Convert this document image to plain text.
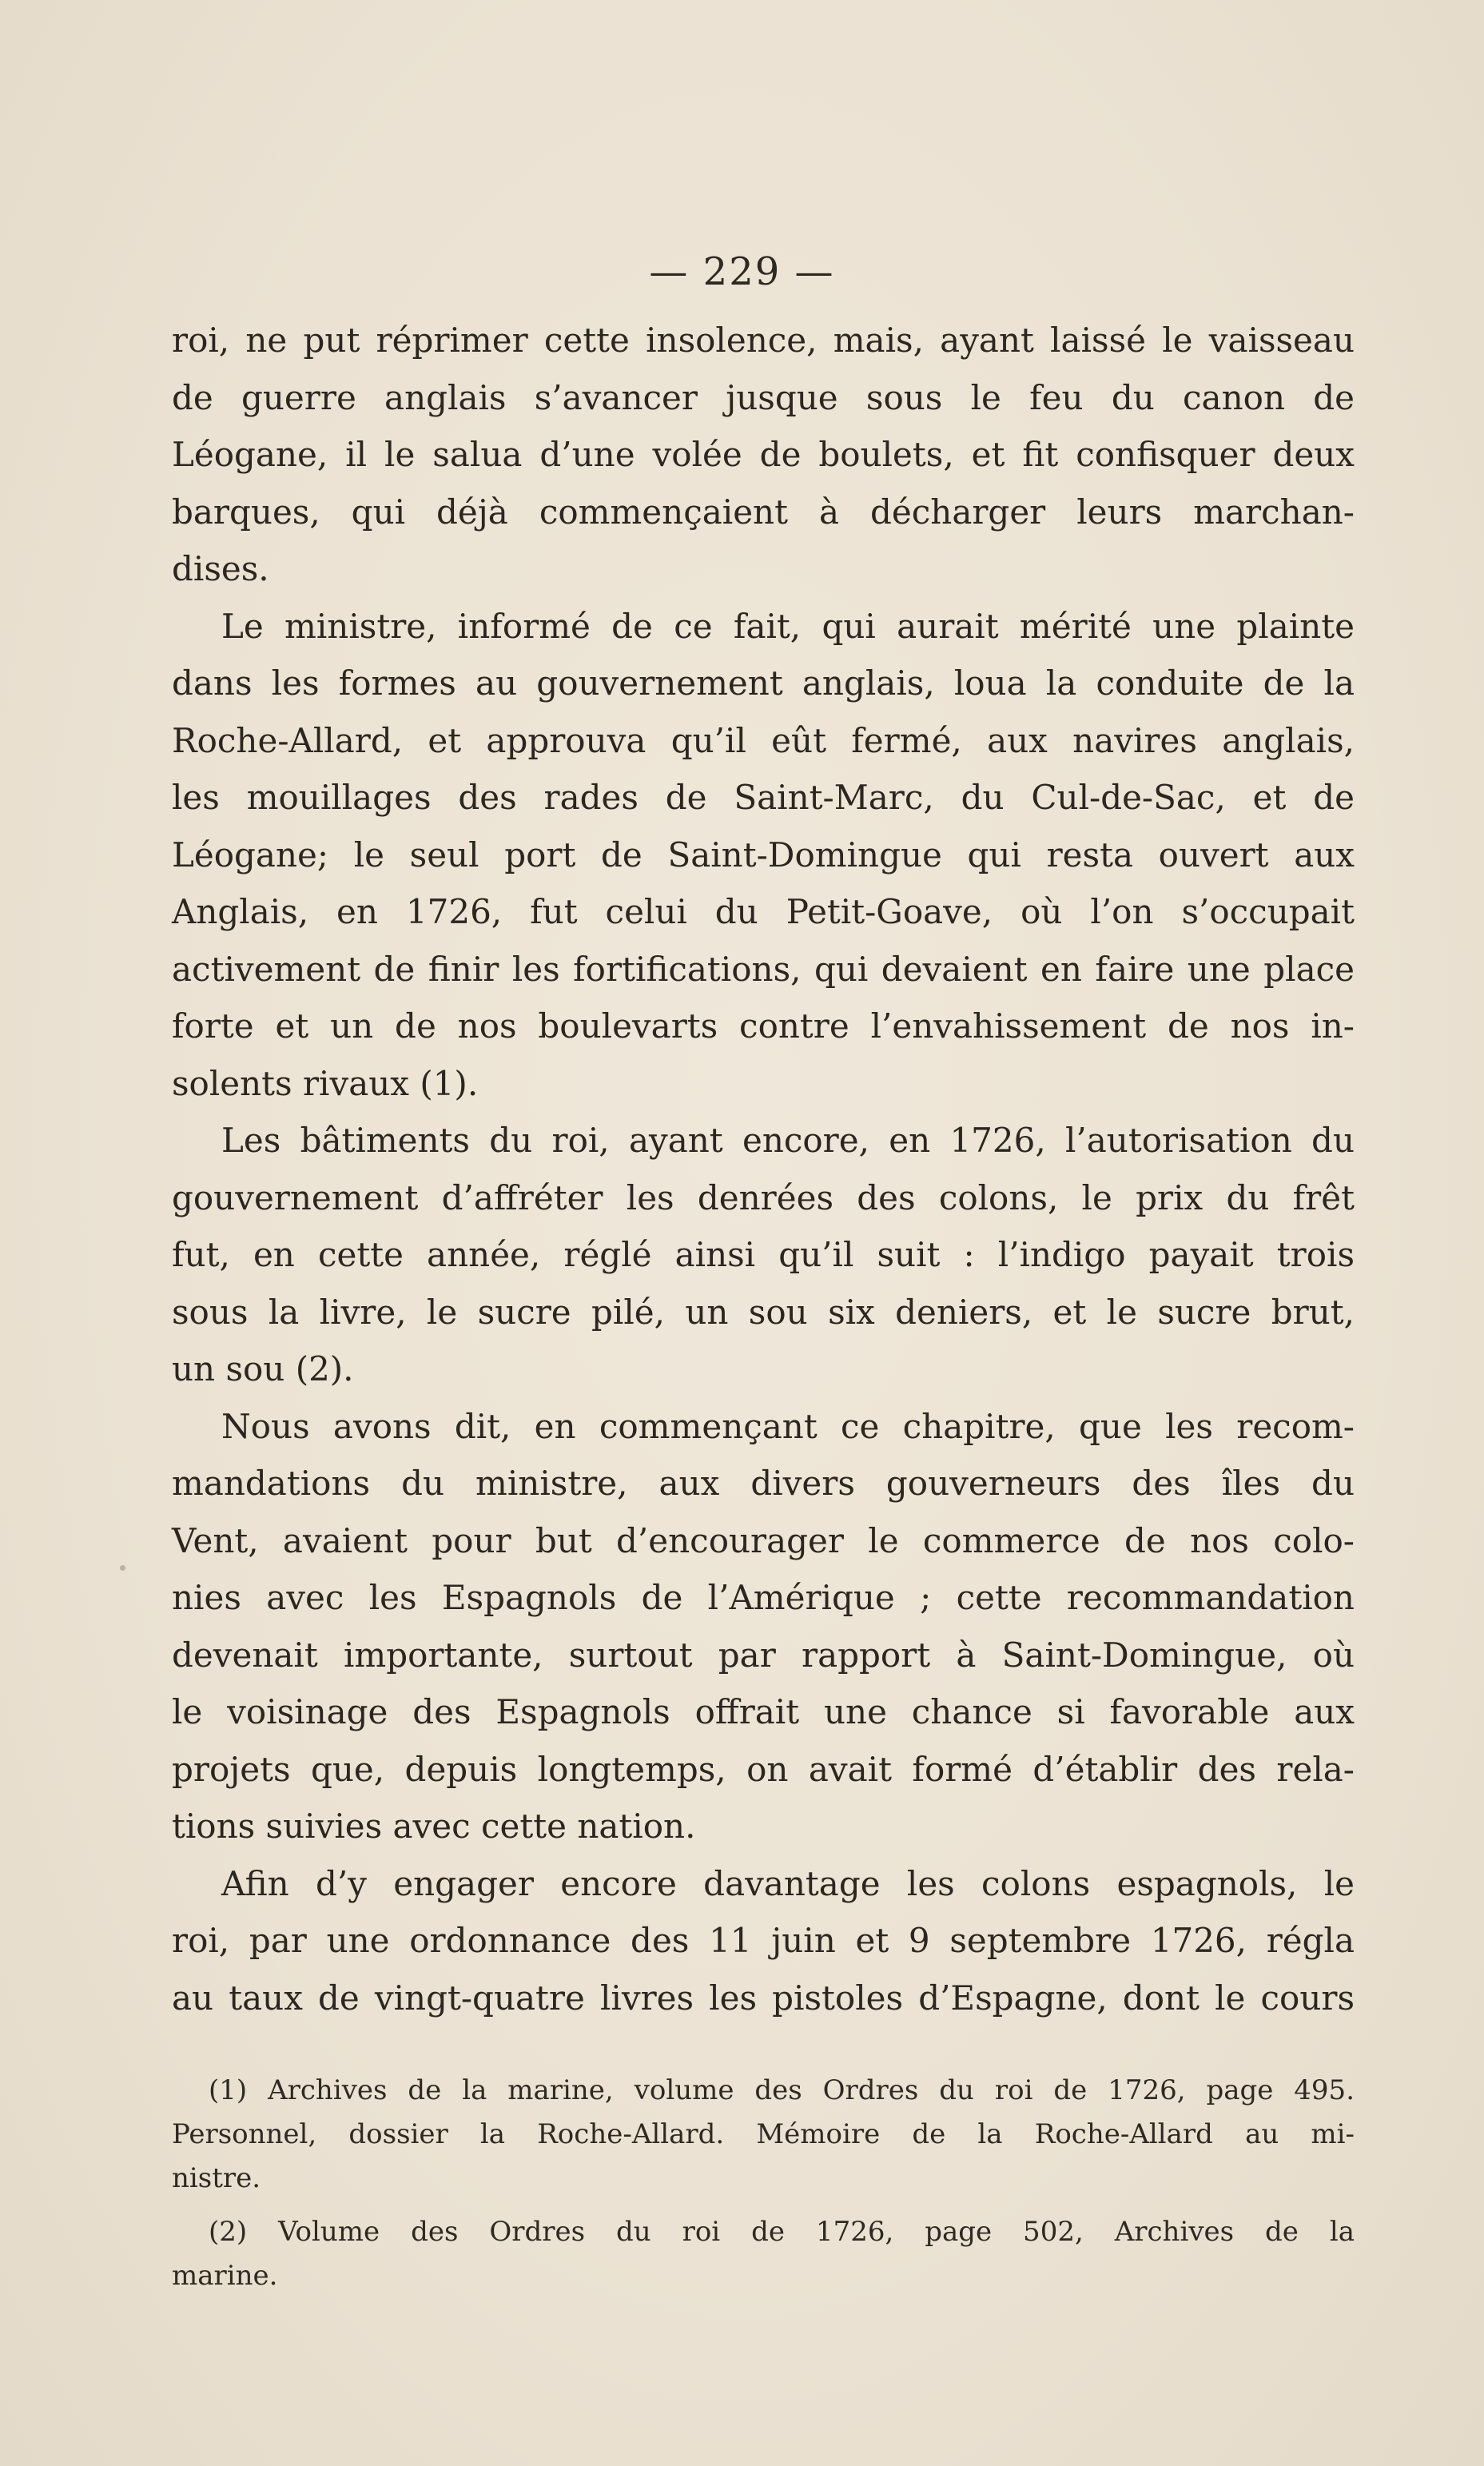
— 229 —
roi, ne put réprimer cette insolence, mais, ayant laissé le vaisseau
de guerre anglais s’avancer jusque sous le feu du canon de
Léogane, il le salua d’une volée de boulets, et fit confisquer deux
barques, qui déjà commençaient à décharger leurs marchan-
dises.
Le ministre, informé de ce fait, qui aurait mérité une plainte
dans les formes au gouvernement anglais, loua la conduite de la
Roche-Allard, et approuva qu’il eût fermé, aux navires anglais,
les mouillages des rades de Saint-Marc, du Cul-de-Sac, et de
Léogane; le seul port de Saint-Domingue qui resta ouvert aux
Anglais, en 1726, fut celui du Petit-Goave, où l’on s’occupait
activement de finir les fortifications, qui devaient en faire une place
forte et un de nos boulevarts contre l’envahissement de nos in-
solents rivaux (1).
Les bâtiments du roi, ayant encore, en 1726, l’autorisation du
gouvernement d’affréter les denrées des colons, le prix du frêt
fut, en cette année, réglé ainsi qu’il suit : l’indigo payait trois
sous la livre, le sucre pilé, un sou six deniers, et le sucre brut,
un sou (2).
Nous avons dit, en commençant ce chapitre, que les recom-
mandations du ministre, aux divers gouverneurs des îles du
Vent, avaient pour but d’encourager le commerce de nos colo-
nies avec les Espagnols de l’Amérique ; cette recommandation
devenait importante, surtout par rapport à Saint-Domingue, où
le voisinage des Espagnols offrait une chance si favorable aux
projets que, depuis longtemps, on avait formé d’établir des rela-
tions suivies avec cette nation.
Afin d’y engager encore davantage les colons espagnols, le
roi, par une ordonnance des 11 juin et 9 septembre 1726, régla
au taux de vingt-quatre livres les pistoles d’Espagne, dont le cours
(1) Archives de la marine, volume des Ordres du roi de 1726, page 495.
Personnel, dossier la Roche-Allard. Mémoire de la Roche-Allard au mi-
nistre.
(2) Volume des Ordres du roi de 1726, page 502, Archives de la
marine.
